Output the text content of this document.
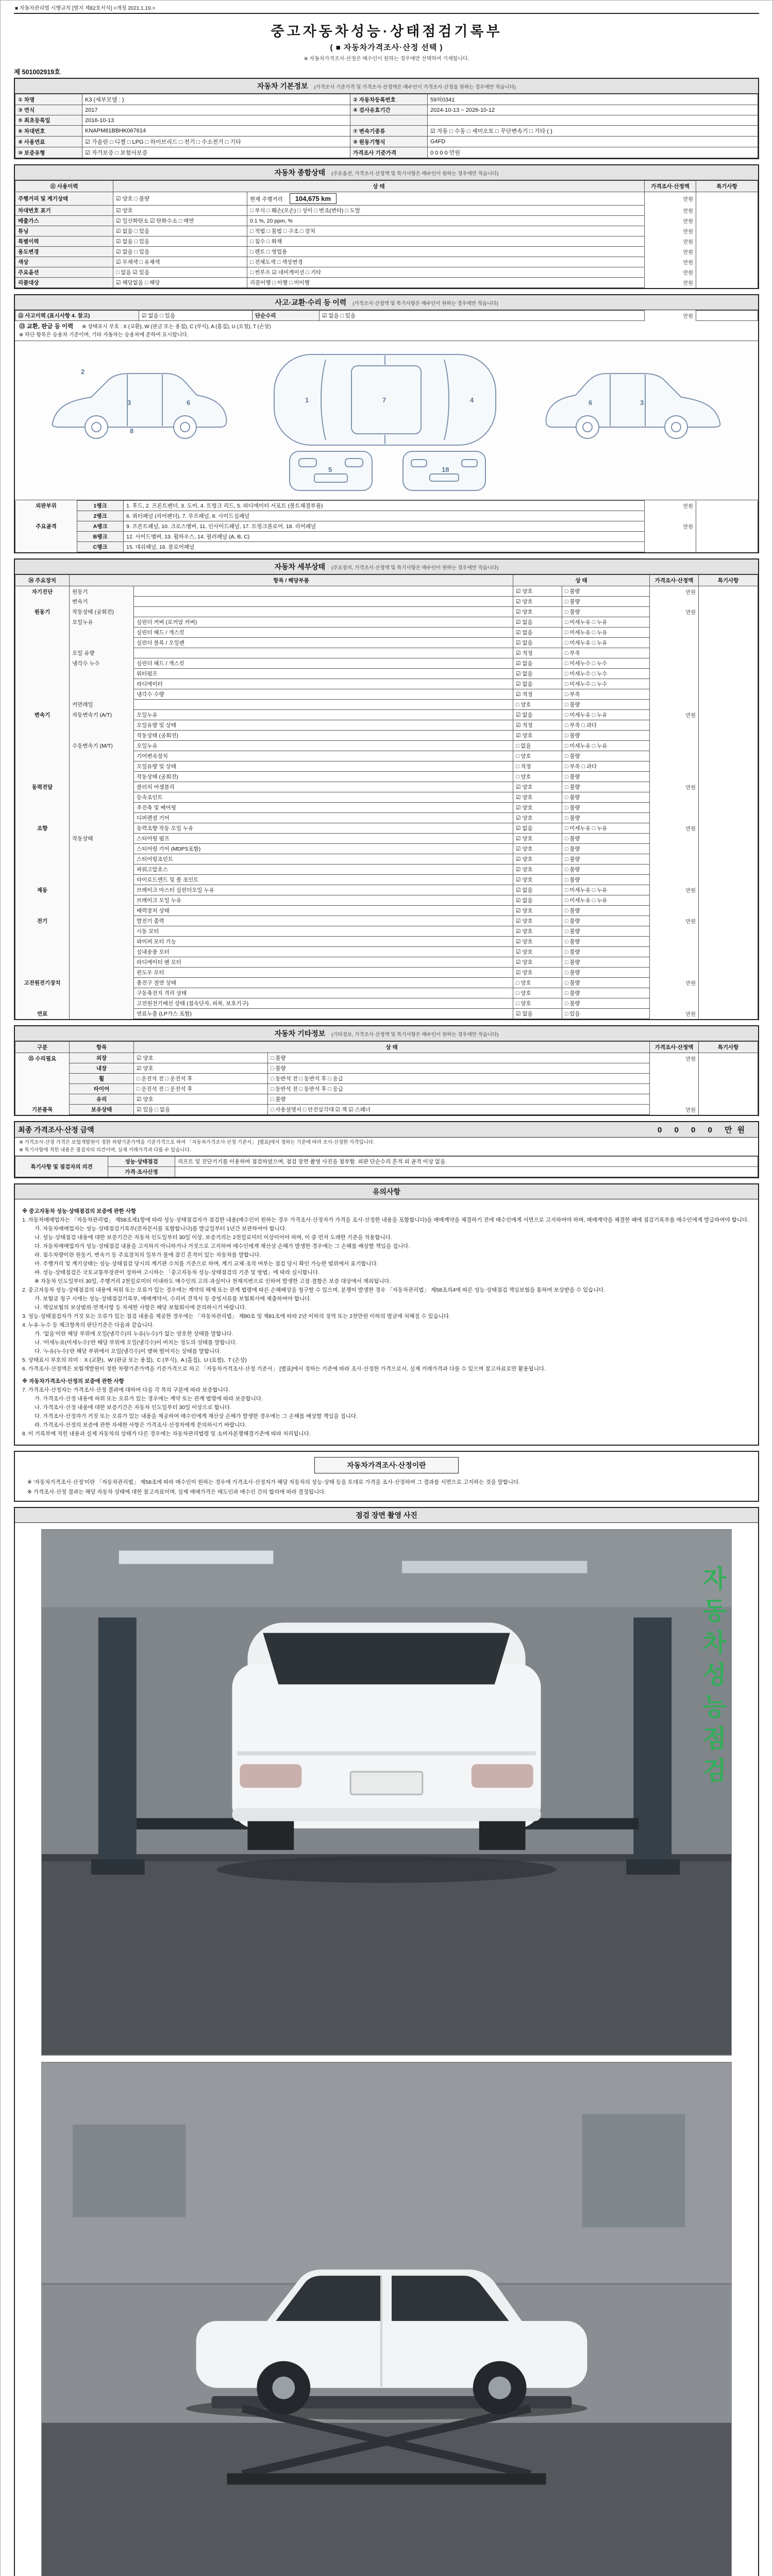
■ 자동차관리법 시행규칙 [별지 제82호서식] <개정 2021.1.19.>
중고자동차성능·상태점검기록부
( ■ 자동차가격조사·산정 선택 )
※ 자동차가격조사·산정은 매수인이 원하는 경우에만 선택하여 기재합니다.
제 501002919호
자동차 기본정보 (가격조사 기준가격 및 가격조사·산정액은 매수인이 가격조사·산정을 원하는 경우에만 적습니다)
① 차명	K3 (세부모델 : )	② 자동차등록번호	59허0341
③ 연식	2017	④ 검사유효기간	2024-10-13 ~ 2026-10-12
⑤ 최초등록일	2016-10-13		
⑥ 차대번호	KNAPM81BBHK067614	⑦ 변속기종류	☑ 자동 □ 수동 □ 세미오토 □ 무단변속기 □ 기타 ( )
⑧ 사용연료	☑ 가솔린 □ 디젤 □ LPG □ 하이브리드 □ 전기 □ 수소전기 □ 기타	⑨ 원동기형식	G4FD
⑩ 보증유형	☑ 자가보증 □ 보험사보증	가격조사 기준가격	0 0 0 0 만원
자동차 종합상태 (주요옵션, 가격조사·산정액 및 특기사항은 매수인이 원하는 경우에만 적습니다)
⑪ 사용이력	상 태		가격조사·산정액	특기사항
주행거리 및 계기상태	☑ 양호 □ 불량	현재 주행거리 104,675 km	만원	
차대번호 표기	☑ 양호	□ 부식 □ 훼손(오손) □ 상이 □ 변조(변타) □ 도말	만원	
배출가스	☑ 일산화탄소 ☑ 탄화수소 □ 매연	0.1 %, 20 ppm, %	만원	
튜닝	☑ 없음 □ 있음	□ 적법 □ 불법 □ 구조 □ 장치	만원	
특별이력	☑ 없음 □ 있음	□ 침수 □ 화재	만원	
용도변경	☑ 없음 □ 있음	□ 렌트 □ 영업용	만원	
색상	☑ 무채색 □ 유채색	□ 전체도색 □ 색상변경	만원	
주요옵션	□ 없음 ☑ 있음	□ 썬루프 ☑ 네비게이션 □ 기타	만원	
리콜대상	☑ 해당없음 □ 해당	리콜이행 □ 이행 □ 미이행	만원	
사고·교환·수리 등 이력 (가격조사·산정액 및 특기사항은 매수인이 원하는 경우에만 적습니다)
⑫ 사고이력 (표시사항 4. 참고)	☑ 없음 □ 있음	단순수리	☑ 없음 □ 있음	만원	
⑬ 교환, 판금 등 이력 ※ 상태표시 부호 : X (교환), W (판금 또는 용접), C (부식), A (흠집), U (요철), T (손상)
※ 하단 항목은 승용차 기준이며, 기타 자동차는 승용차에 준하여 표시합니다.
2
3	6
8
1	7	4	3
6
5	18
외판부위	1랭크	1. 후드, 2. 프론트펜더, 3. 도어, 4. 트렁크 리드, 5. 라디에이터 서포트 (볼트체결부품)	만원	
	2랭크	6. 쿼터패널 (리어펜더), 7. 루프패널, 8. 사이드실패널		
주요골격	A랭크	9. 프론트패널, 10. 크로스멤버, 11. 인사이드패널, 17. 트렁크플로어, 18. 리어패널	만원	
	B랭크	12. 사이드멤버, 13. 휠하우스, 14. 필러패널 (A, B, C)		
	C랭크	15. 대쉬패널, 16. 플로어패널		
자동차 세부상태 (주요장치, 가격조사·산정액 및 특기사항은 매수인이 원하는 경우에만 적습니다)
⑭ 주요장치	항목 / 해당부품		상 태		가격조사·산정액	특기사항
자기진단	원동기		☑ 양호	□ 불량	만원	
	변속기		☑ 양호	□ 불량		
원동기	작동상태 (공회전)		☑ 양호	□ 불량	만원	
	오일누유	실린더 커버 (로커암 커버)	☑ 없음	□ 미세누유 □ 누유		
		실린더 헤드 / 개스킷	☑ 없음	□ 미세누유 □ 누유		
		실린더 블록 / 오일팬	☑ 없음	□ 미세누유 □ 누유		
	오일 유량		☑ 적정	□ 부족		
	냉각수 누수	실린더 헤드 / 개스킷	☑ 없음	□ 미세누수 □ 누수		
		워터펌프	☑ 없음	□ 미세누수 □ 누수		
		라디에이터	☑ 없음	□ 미세누수 □ 누수		
		냉각수 수량	☑ 적정	□ 부족		
	커먼레일		□ 양호	□ 불량		
변속기	자동변속기 (A/T)	오일누유	☑ 없음	□ 미세누유 □ 누유	만원	
		오일유량 및 상태	☑ 적정	□ 부족 □ 과다		
		작동상태 (공회전)	☑ 양호	□ 불량		
	수동변속기 (M/T)	오일누유	□ 없음	□ 미세누유 □ 누유		
		기어변속장치	□ 양호	□ 불량		
		오일유량 및 상태	□ 적정	□ 부족 □ 과다		
		작동상태 (공회전)	□ 양호	□ 불량		
동력전달		클러치 어셈블리	☑ 양호	□ 불량	만원	
		등속조인트	☑ 양호	□ 불량		
		추진축 및 베어링	☑ 양호	□ 불량		
		디퍼렌셜 기어	☑ 양호	□ 불량		
조향		동력조향 작동 오일 누유	☑ 없음	□ 미세누유 □ 누유	만원	
	작동상태	스티어링 펌프	☑ 양호	□ 불량		
		스티어링 기어 (MDPS포함)	☑ 양호	□ 불량		
		스티어링조인트	☑ 양호	□ 불량		
		파워고압호스	☑ 양호	□ 불량		
		타이로드엔드 및 볼 조인트	☑ 양호	□ 불량		
제동		브레이크 마스터 실린더오일 누유	☑ 없음	□ 미세누유 □ 누유	만원	
		브레이크 오일 누유	☑ 없음	□ 미세누유 □ 누유		
		배력장치 상태	☑ 양호	□ 불량		
전기		발전기 출력	☑ 양호	□ 불량	만원	
		시동 모터	☑ 양호	□ 불량		
		와이퍼 모터 기능	☑ 양호	□ 불량		
		실내송풍 모터	☑ 양호	□ 불량		
		라디에이터 팬 모터	☑ 양호	□ 불량		
		윈도우 모터	☑ 양호	□ 불량		
고전원전기장치		충전구 절연 상태	□ 양호	□ 불량	만원	
		구동축전지 격리 상태	□ 양호	□ 불량		
		고전원전기배선 상태 (접속단자, 피복, 보호기구)	□ 양호	□ 불량		
연료		연료누출 (LP가스 포함)	☑ 없음	□ 있음	만원	
자동차 기타정보 (기타정보, 가격조사·산정액 및 특기사항은 매수인이 원하는 경우에만 적습니다)
구분	항목	상 태		가격조사·산정액	특기사항
⑮ 수리필요	외장	☑ 양호	□ 불량	만원	
	내장	☑ 양호	□ 불량		
	휠	□ 운전석 전 □ 운전석 후	□ 동반석 전 □ 동반석 후 □ 응급		
	타이어	□ 운전석 전 □ 운전석 후	□ 동반석 전 □ 동반석 후 □ 응급		
	유리	☑ 양호	□ 불량		
기본품목	보유상태	☑ 있음 □ 없음	□ 사용설명서 □ 안전삼각대 ☑ 잭 ☑ 스패너	만원	
최종 가격조사·산정 금액	0 0 0 0 만원
※ 가격조사·산정 가격은 보험개발원이 정한 차량기준가액을 기준가격으로 하여 「자동차가격조사·산정 기준서」 [별표]에서 정하는 기준에 따라 조사·산정한 가격입니다.
※ 특기사항에 적힌 내용은 점검자의 의견이며, 실제 거래가격과 다를 수 있습니다.
특기사항 및 점검자의 의견	성능·상태점검	리프트 및 진단기기를 이용하여 점검하였으며, 점검 장면 촬영 사진을 첨부함. 외판 단순수리 흔적 외 골격 이상 없음.
	가격·조사산정	
유의사항
※ 중고자동차 성능·상태점검의 보증에 관한 사항
1. 자동차매매업자는 「자동차관리법」 제58조제1항에 따라 성능·상태점검자가 점검한 내용(매수인이 원하는 경우 가격조사·산정자가 가격을 조사·산정한 내용을 포함합니다)을 매매계약을 체결하기 전에 매수인에게 서면으로 고지하여야 하며, 매매계약을 체결한 때에 점검기록부를 매수인에게 발급하여야 합니다.
가. 자동차매매업자는 성능·상태점검기록부(전자문서를 포함합니다)를 발급일부터 1년간 보관하여야 합니다.
나. 성능·상태점검 내용에 대한 보증기간은 자동차 인도일부터 30일 이상, 보증거리는 2천킬로미터 이상이어야 하며, 이 중 먼저 도래한 기준을 적용합니다.
다. 자동차매매업자가 성능·상태점검 내용을 고지하지 아니하거나 거짓으로 고지하여 매수인에게 재산상 손해가 발생한 경우에는 그 손해를 배상할 책임을 집니다.
라. 침수차량이란 원동기, 변속기 등 주요장치의 일부가 물에 잠긴 흔적이 있는 자동차를 말합니다.
마. 주행거리 및 계기상태는 성능·상태점검 당시의 계기판 수치를 기준으로 하며, 계기 교체·조작 여부는 점검 당시 확인 가능한 범위에서 표기합니다.
바. 성능·상태점검은 국토교통부장관이 정하여 고시하는 「중고자동차 성능·상태점검의 기준 및 방법」에 따라 실시합니다.
※ 자동차 인도일부터 30일, 주행거리 2천킬로미터 이내라도 매수인의 고의·과실이나 천재지변으로 인하여 발생한 고장·결함은 보증 대상에서 제외됩니다.
2. 중고자동차 성능·상태점검의 내용에 허위 또는 오류가 있는 경우에는 계약의 해제 또는 관계 법령에 따른 손해배상을 청구할 수 있으며, 분쟁이 발생한 경우 「자동차관리법」 제58조의4에 따른 성능·상태점검 책임보험을 통하여 보상받을 수 있습니다.
가. 보험금 청구 시에는 성능·상태점검기록부, 매매계약서, 수리비 견적서 등 증빙서류를 보험회사에 제출하여야 합니다.
나. 책임보험의 보상범위·면책사항 등 자세한 사항은 해당 보험회사에 문의하시기 바랍니다.
3. 성능·상태점검자가 거짓 또는 오류가 있는 점검 내용을 제공한 경우에는 「자동차관리법」 제80조 및 제81조에 따라 2년 이하의 징역 또는 2천만원 이하의 벌금에 처해질 수 있습니다.
4. 누유·누수 등 체크항목의 판단기준은 다음과 같습니다.
가. ‘없음’이란 해당 부위에 오일(냉각수)의 누유(누수)가 없는 양호한 상태를 말합니다.
나. ‘미세누유(미세누수)’란 해당 부위에 오일(냉각수)이 비치는 정도의 상태를 말합니다.
다. ‘누유(누수)’란 해당 부위에서 오일(냉각수)이 맺혀 떨어지는 상태를 말합니다.
5. 상태표시 부호의 의미 :  X (교환),  W (판금 또는 용접),  C (부식),  A (흠집),  U (요철),  T (손상)
6. 가격조사·산정액은 보험개발원이 정한 차량기준가액을 기준가격으로 하고 「자동차가격조사·산정 기준서」 [별표]에서 정하는 기준에 따라 조사·산정한 가격으로서, 실제 거래가격과 다를 수 있으며 참고자료로만 활용됩니다.
※ 자동차가격조사·산정의 보증에 관한 사항
7. 가격조사·산정자는 가격조사·산정 결과에 대하여 다음 각 목의 구분에 따라 보증합니다.
가. 가격조사·산정 내용에 허위 또는 오류가 있는 경우에는 계약 또는 관계 법령에 따라 보증합니다.
나. 가격조사·산정 내용에 대한 보증기간은 자동차 인도일부터 30일 이상으로 합니다.
다. 가격조사·산정자가 거짓 또는 오류가 있는 내용을 제공하여 매수인에게 재산상 손해가 발생한 경우에는 그 손해를 배상할 책임을 집니다.
라. 가격조사·산정의 보증에 관한 자세한 사항은 가격조사·산정자에게 문의하시기 바랍니다.
8. 이 기록부에 적힌 내용과 실제 자동차의 상태가 다른 경우에는 자동차관리법령 및 소비자분쟁해결기준에 따라 처리됩니다.
자동차가격조사·산정이란
※ ‘자동차가격조사·산정’이란 「자동차관리법」 제58조에 따라 매수인이 원하는 경우에 가격조사·산정자가 해당 자동차의 성능·상태 등을 토대로 가격을 조사·산정하여 그 결과를 서면으로 고지하는 것을 말합니다.
※ 가격조사·산정 결과는 해당 자동차 상태에 대한 참고자료이며, 실제 매매가격은 매도인과 매수인 간의 합의에 따라 결정됩니다.
점검 장면 촬영 사진
자동차성능점검
